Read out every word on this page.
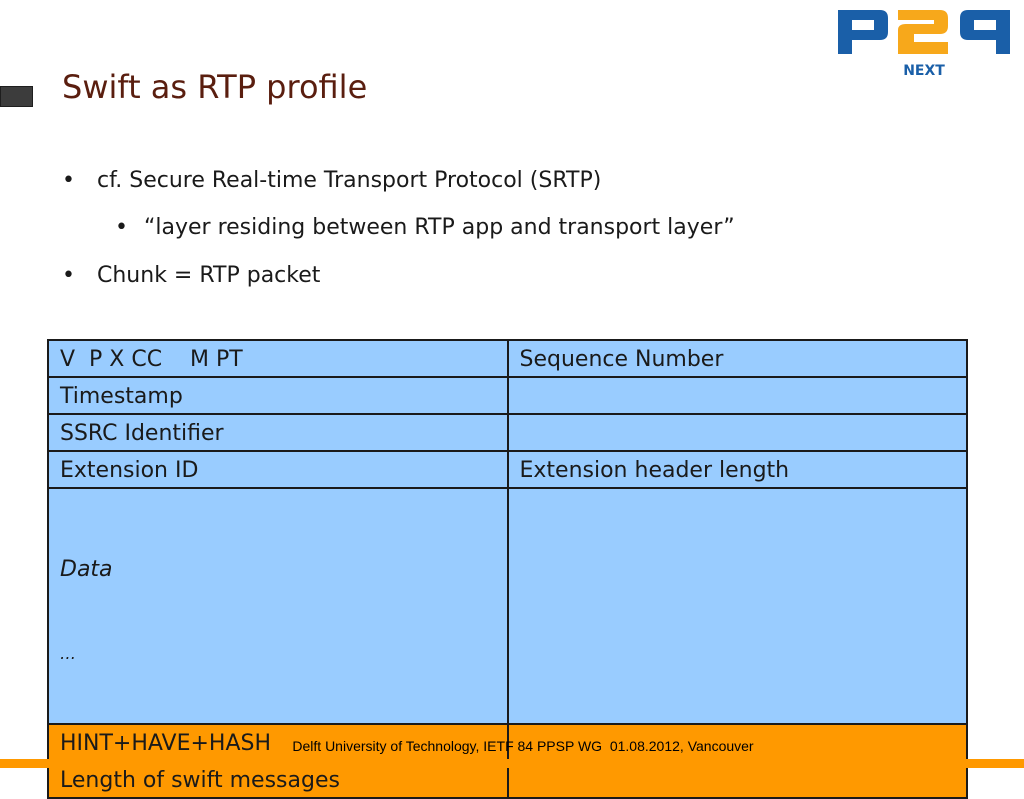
Swift as RTP profile	NEXT
• cf. Secure Real-time Transport Protocol (SRTP)
• “layer residing between RTP app and transport layer”
• Chunk = RTP packet
V  P X CC    M PT	Sequence Number
Timestamp	
SSRC Identifier	
Extension ID	Extension header length

Data

…	

HINT+HAVE+HASH	
Length of swift messages	
Delft University of Technology, IETF 84 PPSP WG  01.08.2012, Vancouver
